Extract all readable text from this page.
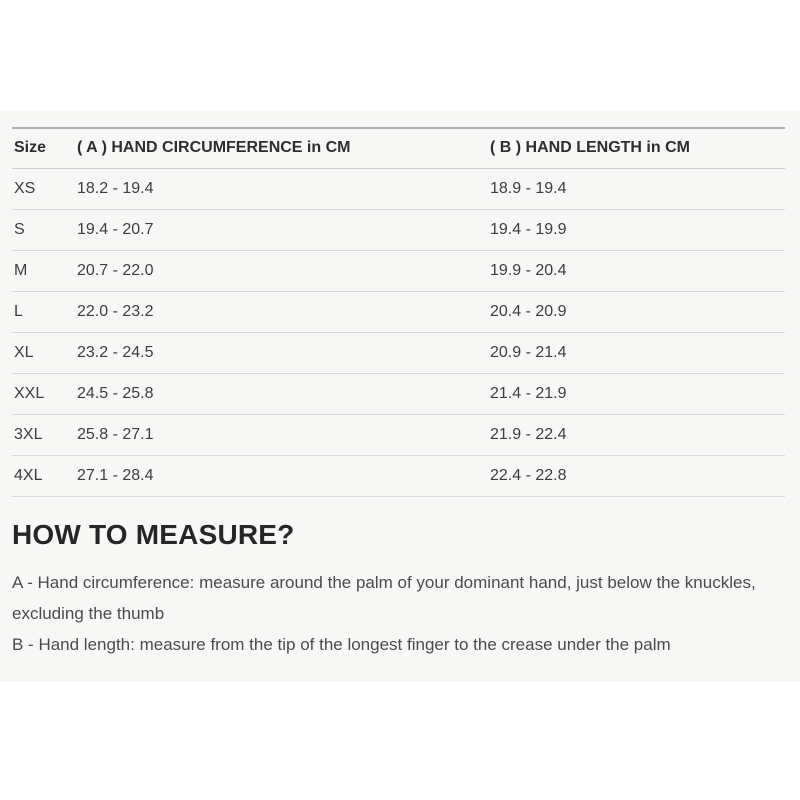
Size	( A ) HAND CIRCUMFERENCE in CM	( B ) HAND LENGTH in CM
XS	18.2 - 19.4	18.9 - 19.4
S	19.4 - 20.7	19.4 - 19.9
M	20.7 - 22.0	19.9 - 20.4
L	22.0 - 23.2	20.4 - 20.9
XL	23.2 - 24.5	20.9 - 21.4
XXL	24.5 - 25.8	21.4 - 21.9
3XL	25.8 - 27.1	21.9 - 22.4
4XL	27.1 - 28.4	22.4 - 22.8
HOW TO MEASURE?

A - Hand circumference: measure around the palm of your dominant hand, just below the knuckles, excluding the thumb

B - Hand length: measure from the tip of the longest finger to the crease under the palm
